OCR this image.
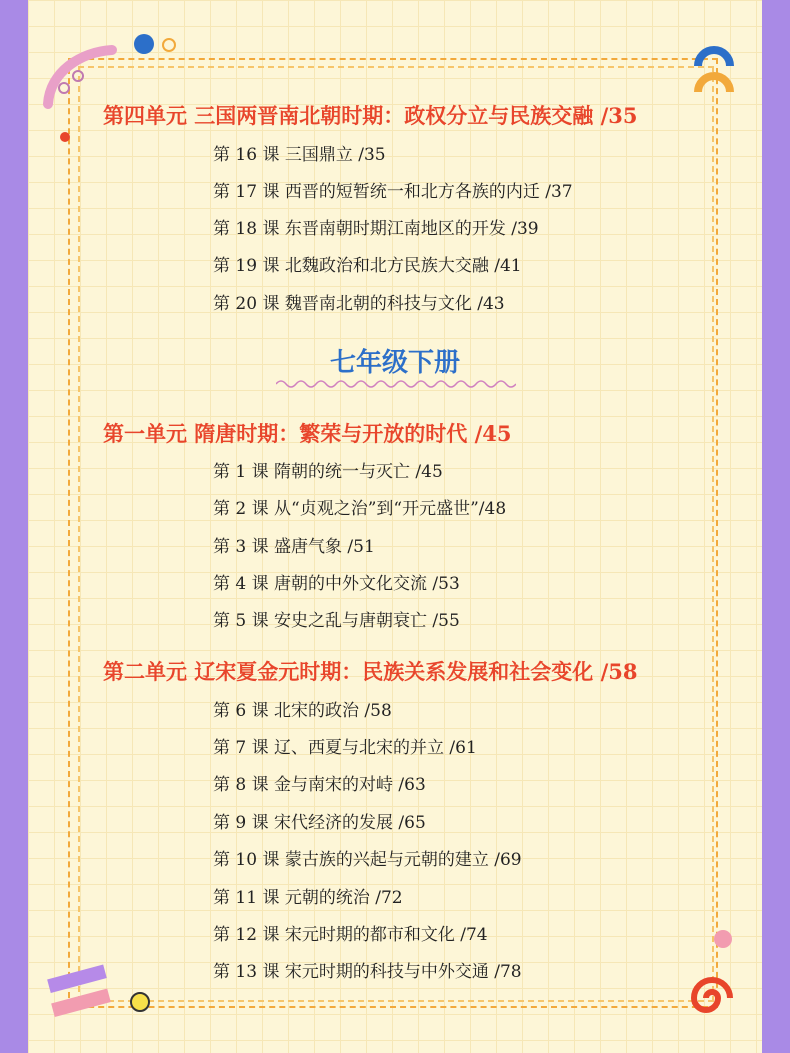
第四单元 三国两晋南北朝时期：政权分立与民族交融 /35
第 16 课 三国鼎立 /35
第 17 课 西晋的短暂统一和北方各族的内迁 /37
第 18 课 东晋南朝时期江南地区的开发 /39
第 19 课 北魏政治和北方民族大交融 /41
第 20 课 魏晋南北朝的科技与文化 /43
七年级下册
第一单元 隋唐时期：繁荣与开放的时代 /45
第 1 课 隋朝的统一与灭亡 /45
第 2 课 从“贞观之治”到“开元盛世”/48
第 3 课 盛唐气象 /51
第 4 课 唐朝的中外文化交流 /53
第 5 课 安史之乱与唐朝衰亡 /55
第二单元 辽宋夏金元时期：民族关系发展和社会变化 /58
第 6 课 北宋的政治 /58
第 7 课 辽、西夏与北宋的并立 /61
第 8 课 金与南宋的对峙 /63
第 9 课 宋代经济的发展 /65
第 10 课 蒙古族的兴起与元朝的建立 /69
第 11 课 元朝的统治 /72
第 12 课 宋元时期的都市和文化 /74
第 13 课 宋元时期的科技与中外交通 /78
